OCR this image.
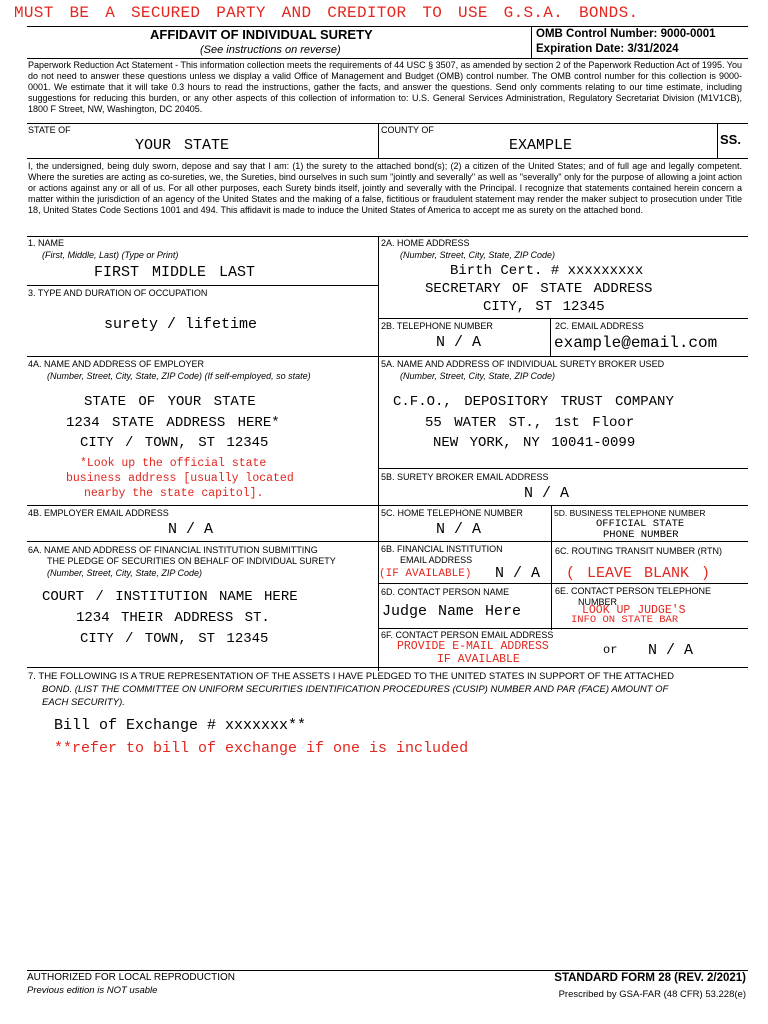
MUST BE A SECURED PARTY AND CREDITOR TO USE G.S.A. BONDS.
AFFIDAVIT OF INDIVIDUAL SURETY
(See instructions on reverse)
OMB Control Number: 9000-0001
Expiration Date: 3/31/2024
Paperwork Reduction Act Statement - This information collection meets the requirements of 44 USC § 3507, as amended by section 2 of the Paperwork Reduction Act of 1995. You do not need to answer these questions unless we display a valid Office of Management and Budget (OMB) control number. The OMB control number for this collection is 9000-0001. We estimate that it will take 0.3 hours to read the instructions, gather the facts, and answer the questions. Send only comments relating to our time estimate, including suggestions for reducing this burden, or any other aspects of this collection of information to: U.S. General Services Administration, Regulatory Secretariat Division (M1V1CB), 1800 F Street, NW, Washington, DC 20405.
STATE OF
YOUR STATE
COUNTY OF
EXAMPLE	SS.
I, the undersigned, being duly sworn, depose and say that I am: (1) the surety to the attached bond(s); (2) a citizen of the United States; and of full age and legally competent. Where the sureties are acting as co-sureties, we, the Sureties, bind ourselves in such sum "jointly and severally" as well as "severally" only for the purpose of allowing a joint action or actions against any or all of us. For all other purposes, each Surety binds itself, jointly and severally with the Principal. I recognize that statements contained herein concern a matter within the jurisdiction of an agency of the United States and the making of a false, fictitious or fraudulent statement may render the maker subject to prosecution under Title 18, United States Code Sections 1001 and 494. This affidavit is made to induce the United States of America to accept me as surety on the attached bond.
1. NAME
(First, Middle, Last) (Type or Print)
FIRST MIDDLE LAST
3. TYPE AND DURATION OF OCCUPATION
surety / lifetime
2A. HOME ADDRESS
(Number, Street, City, State, ZIP Code)
Birth Cert. # xxxxxxxxx
SECRETARY OF STATE ADDRESS
CITY, ST 12345
2B. TELEPHONE NUMBER
N / A
2C. EMAIL ADDRESS
example@email.com
4A. NAME AND ADDRESS OF EMPLOYER
(Number, Street, City, State, ZIP Code) (If self-employed, so state)
STATE OF YOUR STATE
1234 STATE ADDRESS HERE*
CITY / TOWN, ST 12345
*Look up the official state
business address [usually located
nearby the state capitol].
5A. NAME AND ADDRESS OF INDIVIDUAL SURETY BROKER USED
(Number, Street, City, State, ZIP Code)
C.F.O., DEPOSITORY TRUST COMPANY
55 WATER ST., 1st Floor
NEW YORK, NY 10041-0099
5B. SURETY BROKER EMAIL ADDRESS
N / A
4B. EMPLOYER EMAIL ADDRESS
N / A
5C. HOME TELEPHONE NUMBER
N / A
5D. BUSINESS TELEPHONE NUMBER
OFFICIAL STATE
PHONE NUMBER
6A. NAME AND ADDRESS OF FINANCIAL INSTITUTION SUBMITTING
THE PLEDGE OF SECURITIES ON BEHALF OF INDIVIDUAL SURETY
(Number, Street, City, State, ZIP Code)
COURT / INSTITUTION NAME HERE
1234 THEIR ADDRESS ST.
CITY / TOWN, ST 12345
6B. FINANCIAL INSTITUTION
EMAIL ADDRESS
(IF AVAILABLE) N / A
6C. ROUTING TRANSIT NUMBER (RTN)
( LEAVE BLANK )
6D. CONTACT PERSON NAME
Judge Name Here
6E. CONTACT PERSON TELEPHONE
NUMBER
LOOK UP JUDGE'S
INFO ON STATE BAR
6F. CONTACT PERSON EMAIL ADDRESS
PROVIDE E-MAIL ADDRESS
IF AVAILABLE
or N / A
7. THE FOLLOWING IS A TRUE REPRESENTATION OF THE ASSETS I HAVE PLEDGED TO THE UNITED STATES IN SUPPORT OF THE ATTACHED
BOND. (LIST THE COMMITTEE ON UNIFORM SECURITIES IDENTIFICATION PROCEDURES (CUSIP) NUMBER AND PAR (FACE) AMOUNT OF
EACH SECURITY).
Bill of Exchange # xxxxxxx**
**refer to bill of exchange if one is included
AUTHORIZED FOR LOCAL REPRODUCTION
Previous edition is NOT usable
STANDARD FORM 28 (REV. 2/2021)
Prescribed by GSA-FAR (48 CFR) 53.228(e)
